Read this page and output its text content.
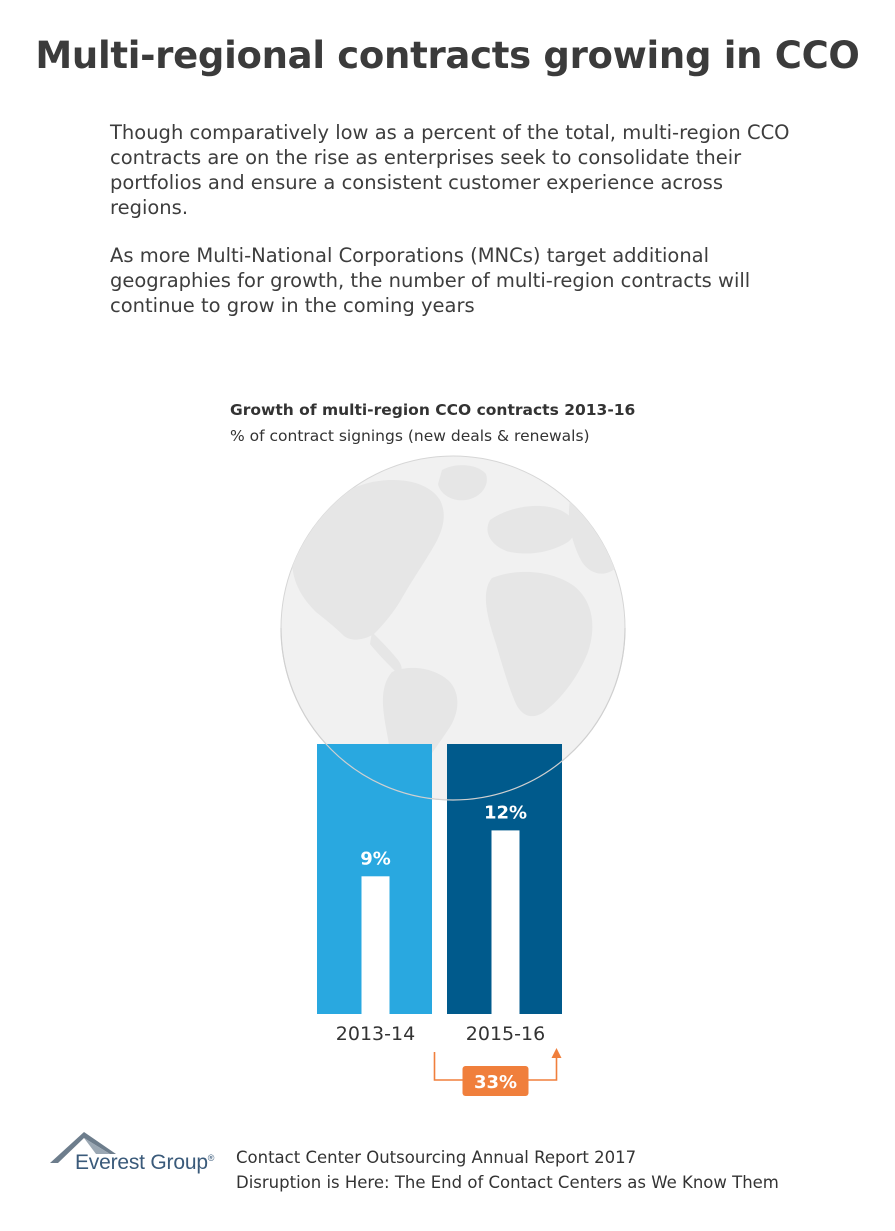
Multi-regional contracts growing in CCO
Though comparatively low as a percent of the total, multi-region CCO contracts are on the rise as enterprises seek to consolidate their portfolios and ensure a consistent customer experience across regions.
As more Multi-National Corporations (MNCs) target additional geographies for growth, the number of multi-region contracts will continue to grow in the coming years
Growth of multi-region CCO contracts 2013-16
% of contract signings (new deals & renewals)
9%
2013-14
12%
2015-16
33%
Everest Group® Contact Center Outsourcing Annual Report 2017
Disruption is Here: The End of Contact Centers as We Know Them
